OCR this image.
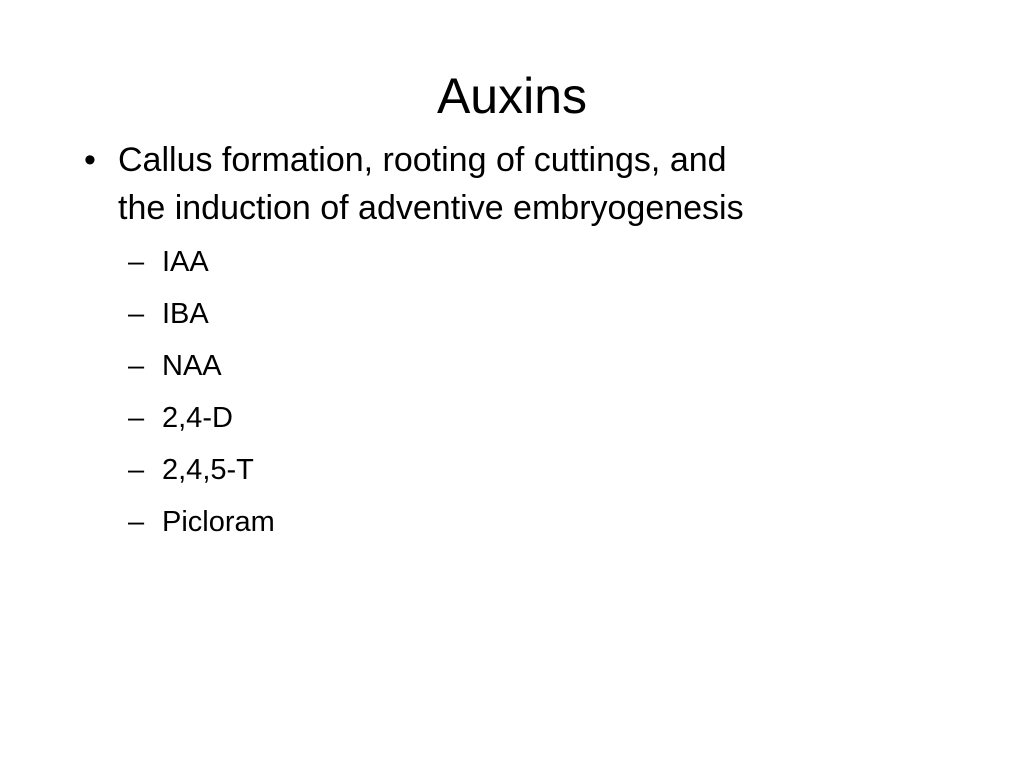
Auxins
• Callus formation, rooting of cuttings, and
the induction of adventive embryogenesis
– IAA
– IBA
– NAA
– 2,4-D
– 2,4,5-T
– Picloram
